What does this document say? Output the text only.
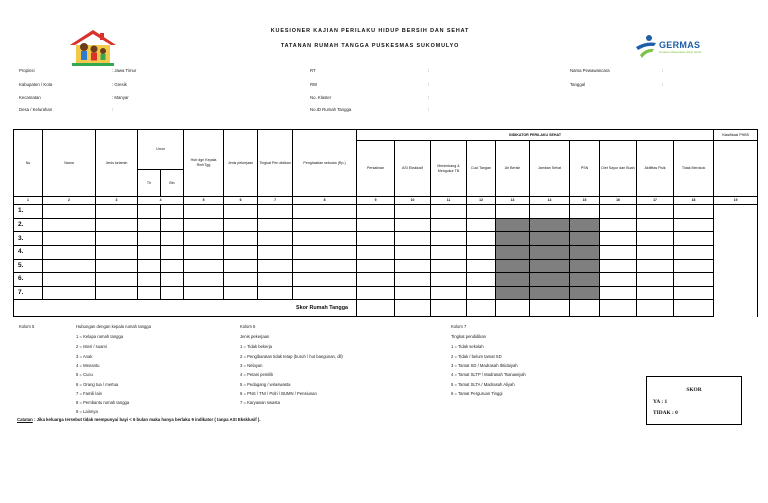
GERMAS
Gerakan Masyarakat Hidup Sehat
KUESIONER KAJIAN PERILAKU HIDUP BERSIH DAN SEHAT
TATANAN RUMAH TANGGA PUSKESMAS SUKOMULYO
Propinsi	: Jawa Timur
Kabupaten / Kota	: Gresik
Kecamatan	: Manyar
Desa / Kelurahan	:
RT	:
RW	:
No. Klaster	:
No.ID Rumah Tangga	:
Nama Pewawancara	:
Tanggal	:
No	Nama	Jenis kelamin	Umur		Hub dgn Kepala RmhTgg	Jenis pekerjaan	Tingkat Pen didikan	Penghasilan sebulan (Rp.)	INDIKATOR PERILAKU SEHAT										Klasifikasi PHBS
									Persalinan	ASI Eksklusif	Menimbang & Mengukur TB	Cuci Tangan	Air Bersih	Jamban Sehat	PSN	Diet Sayur dan Buah	Aktifitas Fisik	Tidak Merokok	
			Th	Bln															
1	2	3	4		5	6	7	8	9	10	11	12	13	14	15	16	17	18	19
1.																			
2.																			
3.																			
4.																			
5.																			
6.																			
7.																			
Skor Rumah Tangga																			
Kolom 5	Hubungan dengan kepala rumah tangga
1 = Kelapa rumah tangga
2 = Isteri / suami
3 = Anak
4 = Menantu
5 = Cucu
6 = Orang tua / mertua
7 = Famili lain
8 = Pembantu rumah tangga
9 = Lainnya
Kolom 6
Jenis pekerjaan
1 = Tidak bekerja
2 = Pengibaratan tidak tetap (buruh / hut bangunan, dll)
3 = Nelayan
4 = Petani pemilik
5 = Pedagang / wiraswasta
6 = PNS / TNI / Polri / BUMN / Pensiunan
7 = Karyawan swasta
Kolom 7
Tingkat pendidikan
1 = Tidak sekolah
2 = Tidak / belum tamat SD
3 = Tamat SD / Madrasah Ibtidaiyah
4 = Tamat SLTP / Madrasah Tsanawiyah
5 = Tamat SLTA / Madrasah Aliyah
6 = Tamat Perguruan Tinggi
SKOR
YA : 1
TIDAK : 0
Catatan : Jika keluarga tersebut tidak mempunyai bayi < 6 bulan maka hanya berlaku 9 indikator ( tanpa ASI Eksklusif ).
